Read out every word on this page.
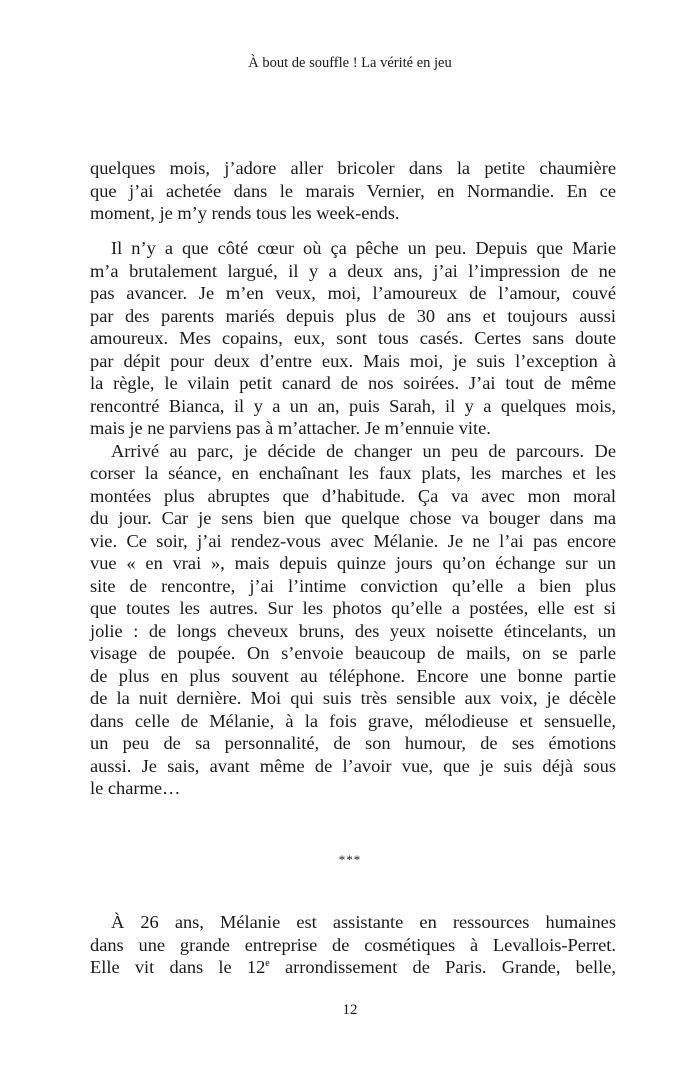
À bout de souffle ! La vérité en jeu
quelques mois, j’adore aller bricoler dans la petite chaumière
que j’ai achetée dans le marais Vernier, en Normandie. En ce
moment, je m’y rends tous les week-ends.
Il n’y a que côté cœur où ça pêche un peu. Depuis que Marie
m’a brutalement largué, il y a deux ans, j’ai l’impression de ne
pas avancer. Je m’en veux, moi, l’amoureux de l’amour, couvé
par des parents mariés depuis plus de 30 ans et toujours aussi
amoureux. Mes copains, eux, sont tous casés. Certes sans doute
par dépit pour deux d’entre eux. Mais moi, je suis l’exception à
la règle, le vilain petit canard de nos soirées. J’ai tout de même
rencontré Bianca, il y a un an, puis Sarah, il y a quelques mois,
mais je ne parviens pas à m’attacher. Je m’ennuie vite.
Arrivé au parc, je décide de changer un peu de parcours. De
corser la séance, en enchaînant les faux plats, les marches et les
montées plus abruptes que d’habitude. Ça va avec mon moral
du jour. Car je sens bien que quelque chose va bouger dans ma
vie. Ce soir, j’ai rendez-vous avec Mélanie. Je ne l’ai pas encore
vue « en vrai », mais depuis quinze jours qu’on échange sur un
site de rencontre, j’ai l’intime conviction qu’elle a bien plus
que toutes les autres. Sur les photos qu’elle a postées, elle est si
jolie : de longs cheveux bruns, des yeux noisette étincelants, un
visage de poupée. On s’envoie beaucoup de mails, on se parle
de plus en plus souvent au téléphone. Encore une bonne partie
de la nuit dernière. Moi qui suis très sensible aux voix, je décèle
dans celle de Mélanie, à la fois grave, mélodieuse et sensuelle,
un peu de sa personnalité, de son humour, de ses émotions
aussi. Je sais, avant même de l’avoir vue, que je suis déjà sous
le charme…
***
À 26 ans, Mélanie est assistante en ressources humaines
dans une grande entreprise de cosmétiques à Levallois-Perret.
Elle vit dans le 12e arrondissement de Paris. Grande, belle,
12
